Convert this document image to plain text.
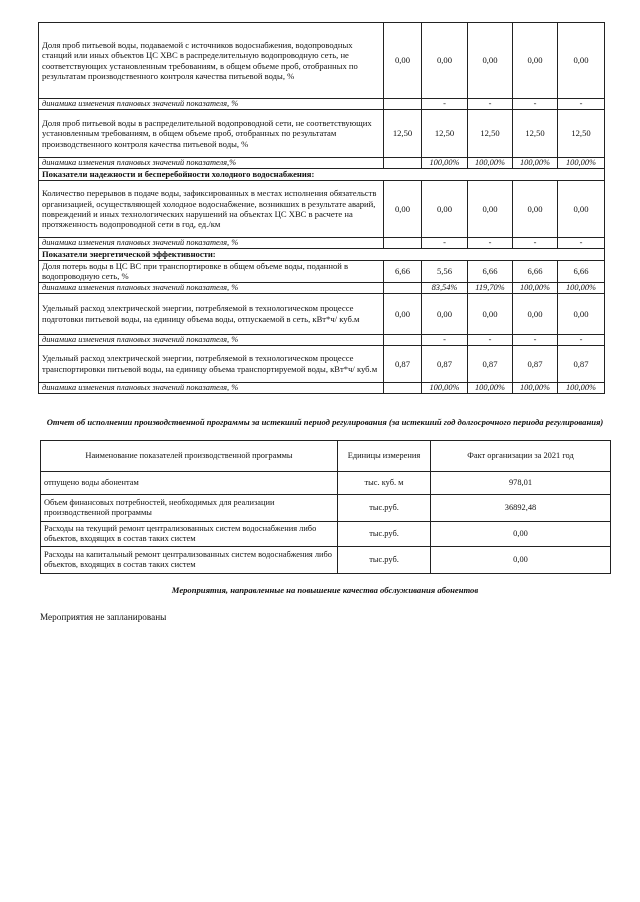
Доля проб питьевой воды, подаваемой с источников водоснабжения, водопроводных станций или иных объектов ЦС ХВС в распределительную водопроводную сеть, не соответствующих установленным требованиям, в общем объеме проб, отобранных по результатам производственного контроля качества питьевой воды, %	0,00	0,00	0,00	0,00	0,00
динамика изменения плановых значений показателя, %		-	-	-	-
Доля проб питьевой воды в распределительной водопроводной сети, не соответствующих установленным требованиям, в общем объеме проб, отобранных по результатам производственного контроля качества питьевой воды, %	12,50	12,50	12,50	12,50	12,50
динамика изменения плановых значений показателя,%		100,00%	100,00%	100,00%	100,00%
Показатели надежности и бесперебойности холодного водоснабжения:					
Количество перерывов в подаче воды, зафиксированных в местах исполнения обязательств организацией, осуществляющей холодное водоснабжение, возникших в результате аварий, повреждений и иных технологических нарушений на объектах ЦС ХВС в расчете на протяженность водопроводной сети в год, ед./км	0,00	0,00	0,00	0,00	0,00
динамика изменения плановых значений показателя, %		-	-	-	-
Показатели энергетической эффективности:					
Доля потерь воды в ЦС ВС при транспортировке в общем объеме воды, поданной в водопроводную сеть, %	6,66	5,56	6,66	6,66	6,66
динамика изменения плановых значений показателя, %		83,54%	119,70%	100,00%	100,00%
Удельный расход электрической энергии, потребляемой в технологическом процессе подготовки питьевой воды, на единицу объема воды, отпускаемой в сеть, кВт*ч/ куб.м	0,00	0,00	0,00	0,00	0,00
динамика изменения плановых значений показателя, %		-	-	-	-
Удельный расход электрической энергии, потребляемой в технологическом процессе транспортировки питьевой воды, на единицу объема транспортируемой воды, кВт*ч/ куб.м	0,87	0,87	0,87	0,87	0,87
динамика изменения плановых значений показателя, %		100,00%	100,00%	100,00%	100,00%
Отчет об исполнении производственной программы за истекший период регулирования (за истекший год долгосрочного периода регулирования)
Наименование показателей производственной программы	Единицы измерения	Факт организации за 2021 год
отпущено воды абонентам	тыс. куб. м	978,01
Объем финансовых потребностей, необходимых для реализации производственной программы	тыс.руб.	36892,48
Расходы на текущий ремонт централизованных систем водоснабжения либо объектов, входящих в состав таких систем	тыс.руб.	0,00
Расходы на капитальный ремонт централизованных систем водоснабжения либо объектов, входящих в состав таких систем	тыс.руб.	0,00
Мероприятия, направленные на повышение качества обслуживания абонентов
Мероприятия не запланированы
